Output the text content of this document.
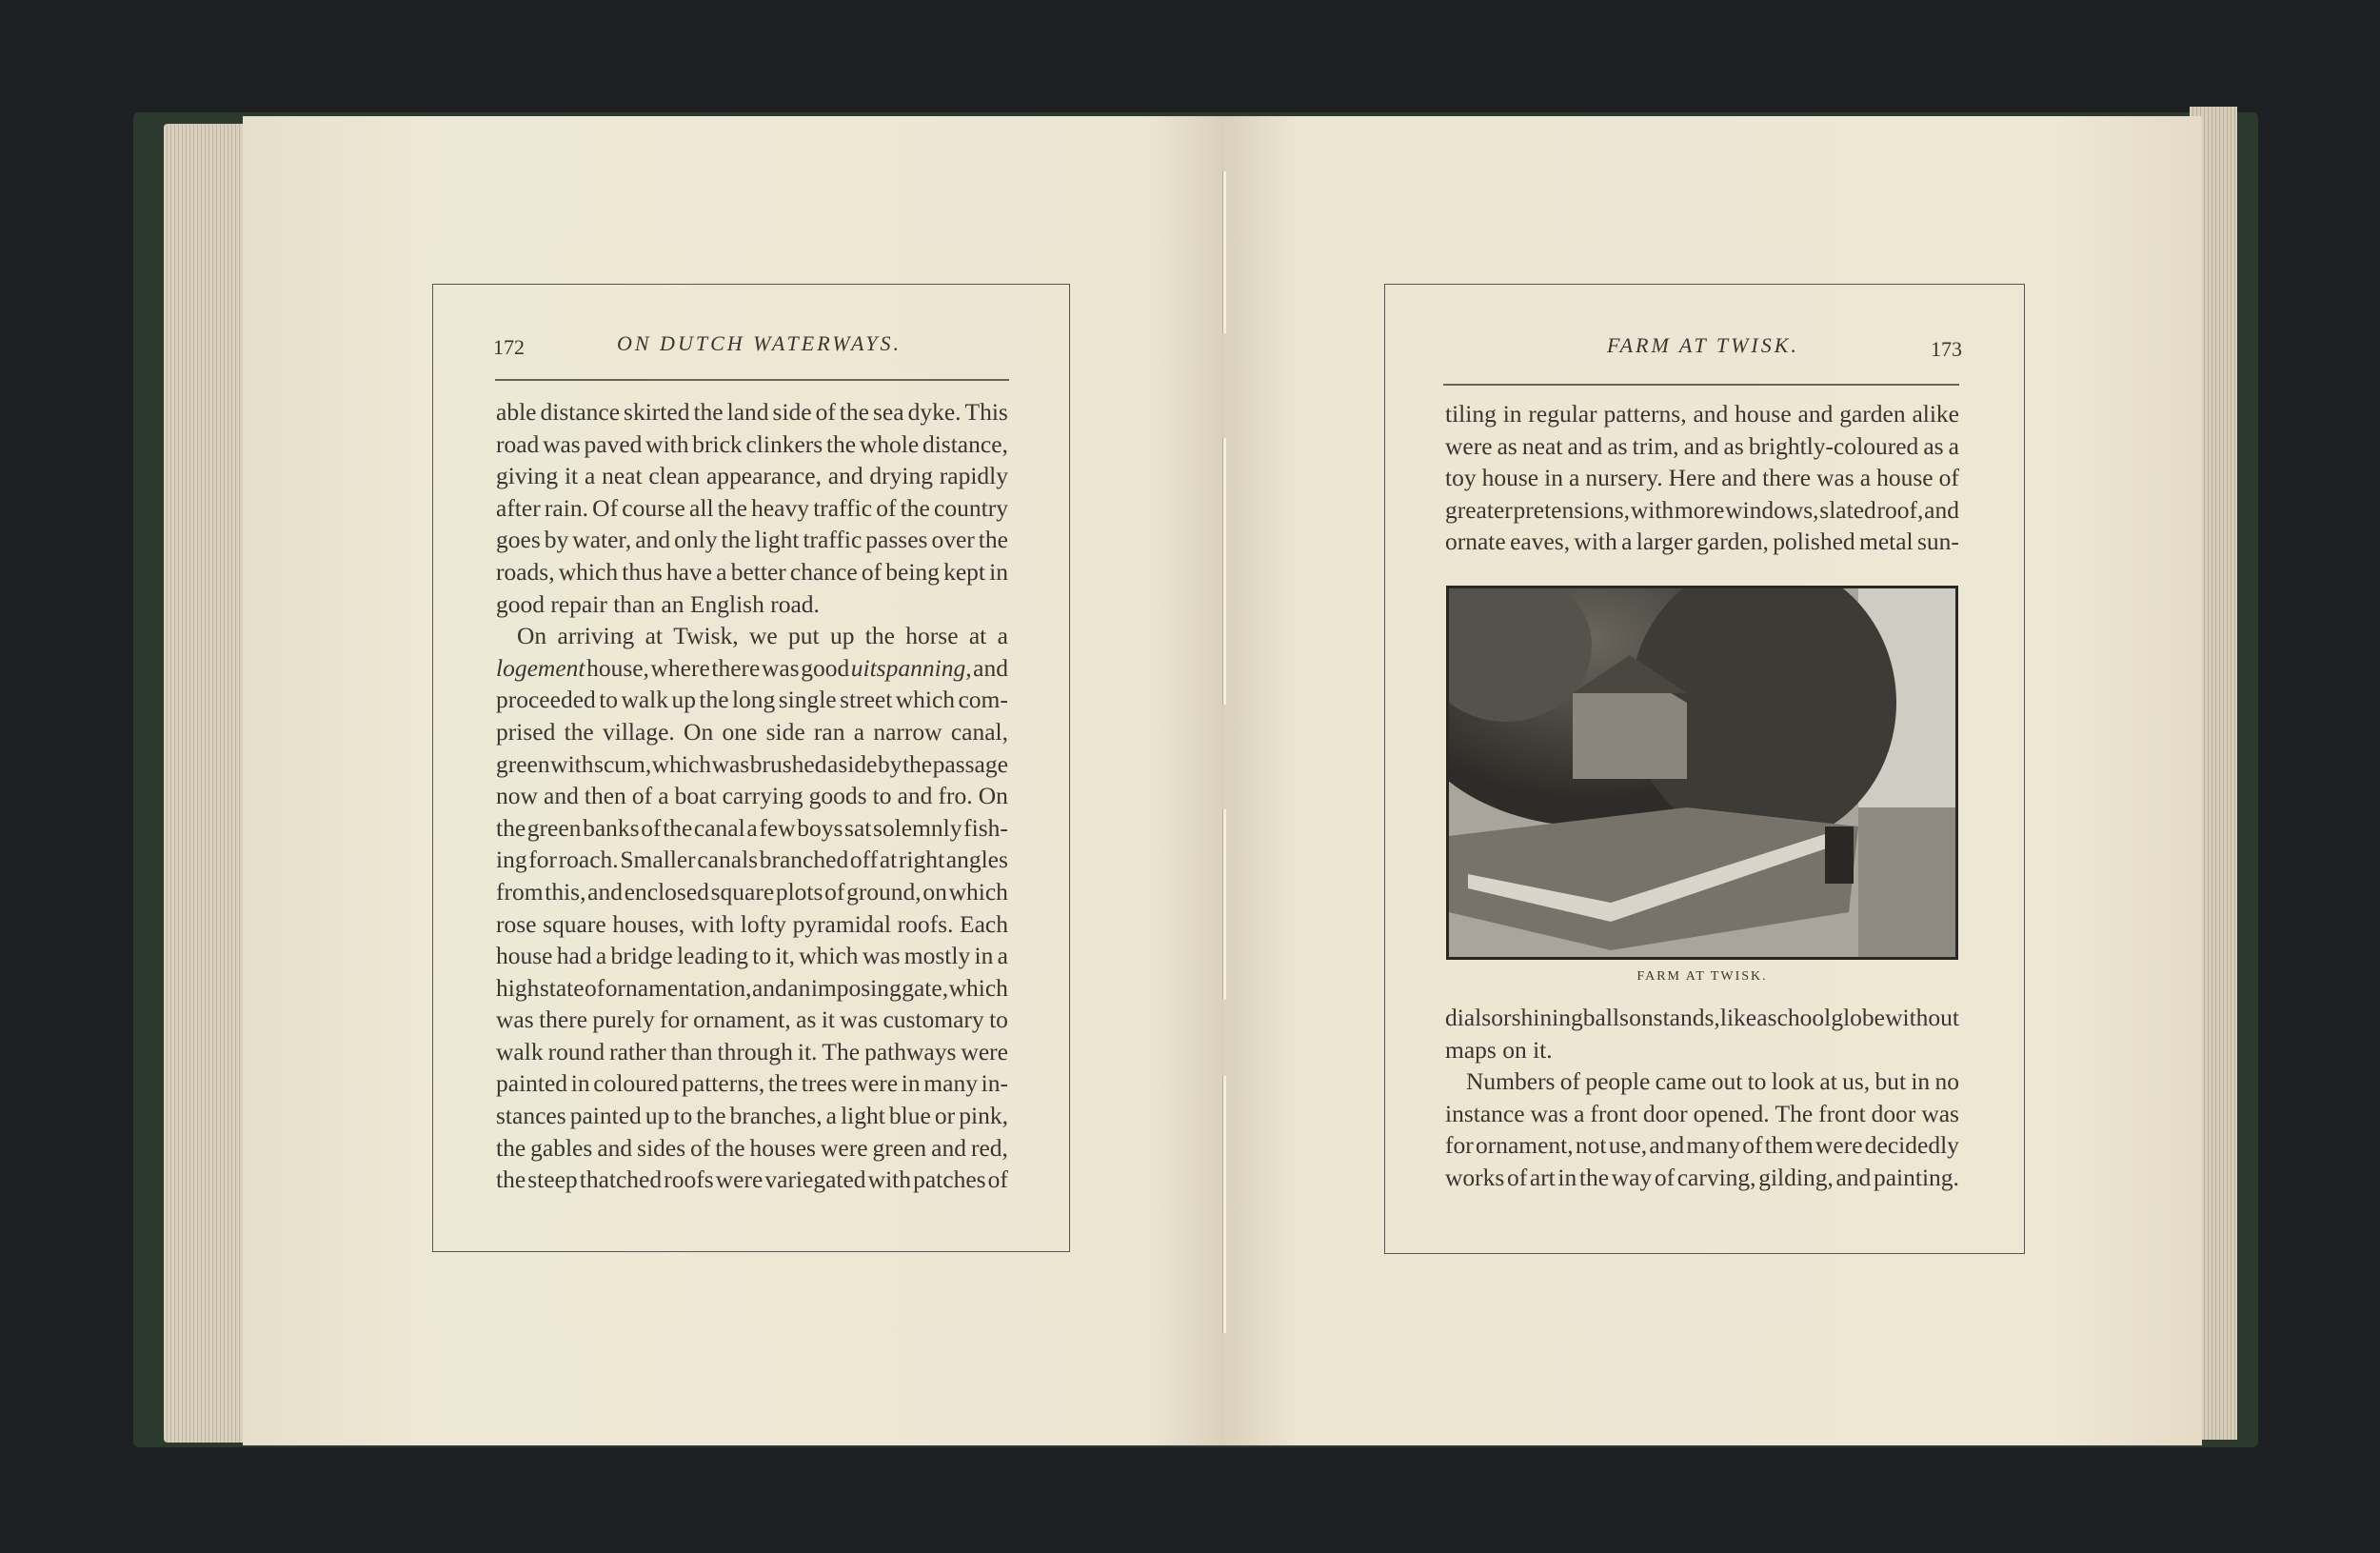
172	ON DUTCH WATERWAYS.
able distance skirted the land side of the sea dyke. This
road was paved with brick clinkers the whole distance,
giving it a neat clean appearance, and drying rapidly
after rain. Of course all the heavy traffic of the country
goes by water, and only the light traffic passes over the
roads, which thus have a better chance of being kept in
good repair than an English road.
On arriving at Twisk, we put up the horse at a
logement house, where there was good uitspanning, and
proceeded to walk up the long single street which com-
prised the village. On one side ran a narrow canal,
green with scum, which was brushed aside by the passage
now and then of a boat carrying goods to and fro. On
the green banks of the canal a few boys sat solemnly fish-
ing for roach. Smaller canals branched off at right angles
from this, and enclosed square plots of ground, on which
rose square houses, with lofty pyramidal roofs. Each
house had a bridge leading to it, which was mostly in a
high state of ornamentation, and an imposing gate, which
was there purely for ornament, as it was customary to
walk round rather than through it. The pathways were
painted in coloured patterns, the trees were in many in-
stances painted up to the branches, a light blue or pink,
the gables and sides of the houses were green and red,
the steep thatched roofs were variegated with patches of
FARM AT TWISK.	173
tiling in regular patterns, and house and garden alike
were as neat and as trim, and as brightly-coloured as a
toy house in a nursery. Here and there was a house of
greater pretensions, with more windows, slated roof, and
ornate eaves, with a larger garden, polished metal sun-
FARM AT TWISK.
dials or shining balls on stands, like a school globe without
maps on it.
Numbers of people came out to look at us, but in no
instance was a front door opened. The front door was
for ornament, not use, and many of them were decidedly
works of art in the way of carving, gilding, and painting.
